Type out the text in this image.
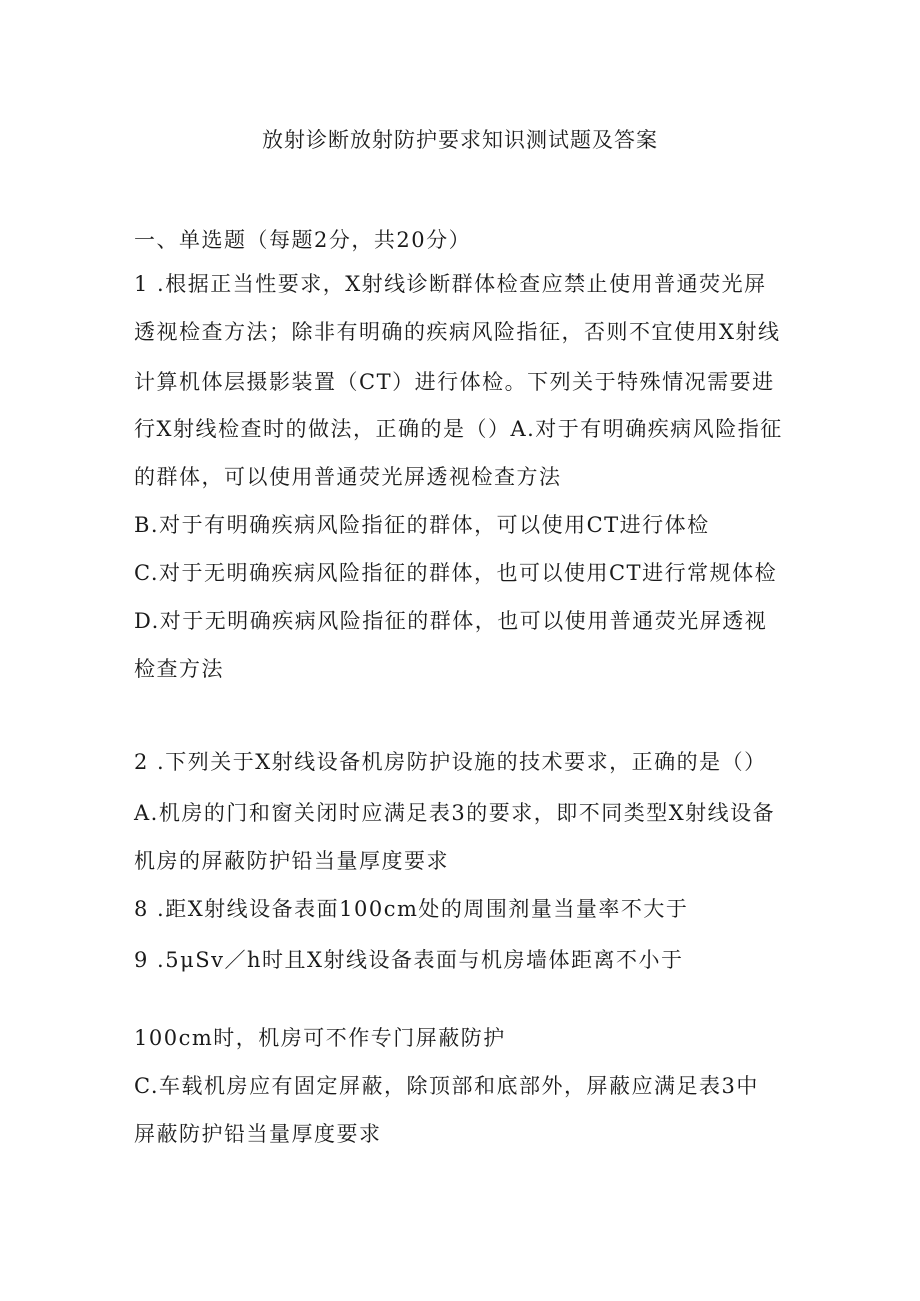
放射诊断放射防护要求知识测试题及答案
一、单选题（每题2分，共20分）
1 .根据正当性要求，X射线诊断群体检查应禁止使用普通荧光屏
透视检查方法；除非有明确的疾病风险指征，否则不宜使用X射线
计算机体层摄影装置（CT）进行体检。下列关于特殊情况需要进
行X射线检查时的做法，正确的是（）A.对于有明确疾病风险指征
的群体，可以使用普通荧光屏透视检查方法
B.对于有明确疾病风险指征的群体，可以使用CT进行体检
C.对于无明确疾病风险指征的群体，也可以使用CT进行常规体检
D.对于无明确疾病风险指征的群体，也可以使用普通荧光屏透视
检查方法
2 .下列关于X射线设备机房防护设施的技术要求，正确的是（）
A.机房的门和窗关闭时应满足表3的要求，即不同类型X射线设备
机房的屏蔽防护铅当量厚度要求
8 .距X射线设备表面100cm处的周围剂量当量率不大于
9 .5μSv／h时且X射线设备表面与机房墙体距离不小于
100cm时，机房可不作专门屏蔽防护
C.车载机房应有固定屏蔽，除顶部和底部外，屏蔽应满足表3中
屏蔽防护铅当量厚度要求
